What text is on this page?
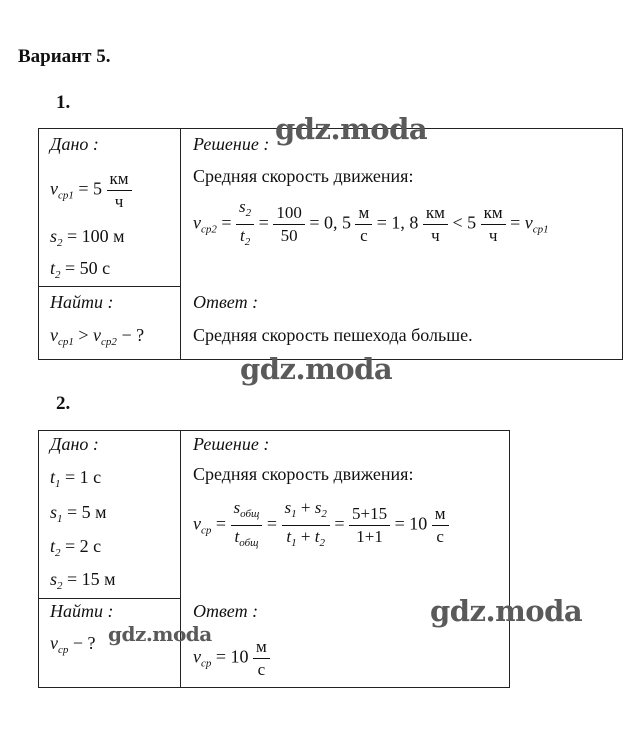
Вариант 5.
1.
Дано :
$v_{ср1} = 5 \frac{км}{ч}$
$s_2 = 100$ м
$t_2 = 50$ с
Найти :
$v_{ср1} > v_{ср2}$ − ?
Решение :
Средняя скорость движения:
$v_{ср2} = \frac{s_2}{t_2} = \frac{100}{50} = 0$, $5 \frac{м}{с} = 1$, $8 \frac{км}{ч} < 5 \frac{км}{ч} = v_{ср1}$
Ответ :
Средняя скорость пешехода больше.
2.
Дано :
$t_1 = 1$ с
$s_1 = 5$ м
$t_2 = 2$ с
$s_2 = 15$ м
Найти :
$v_{ср}$ − ?
Решение :
Средняя скорость движения:
$v_{ср} = \frac{s_{общ}}{t_{общ}} = \frac{s_1 + s_2}{t_1 + t_2} = \frac{5+15}{1+1} = 10 \frac{м}{с}$
Ответ :
$v_{ср} = 10 \frac{м}{с}$
gdz.moda
gdz.moda
gdz.moda
gdz.moda
